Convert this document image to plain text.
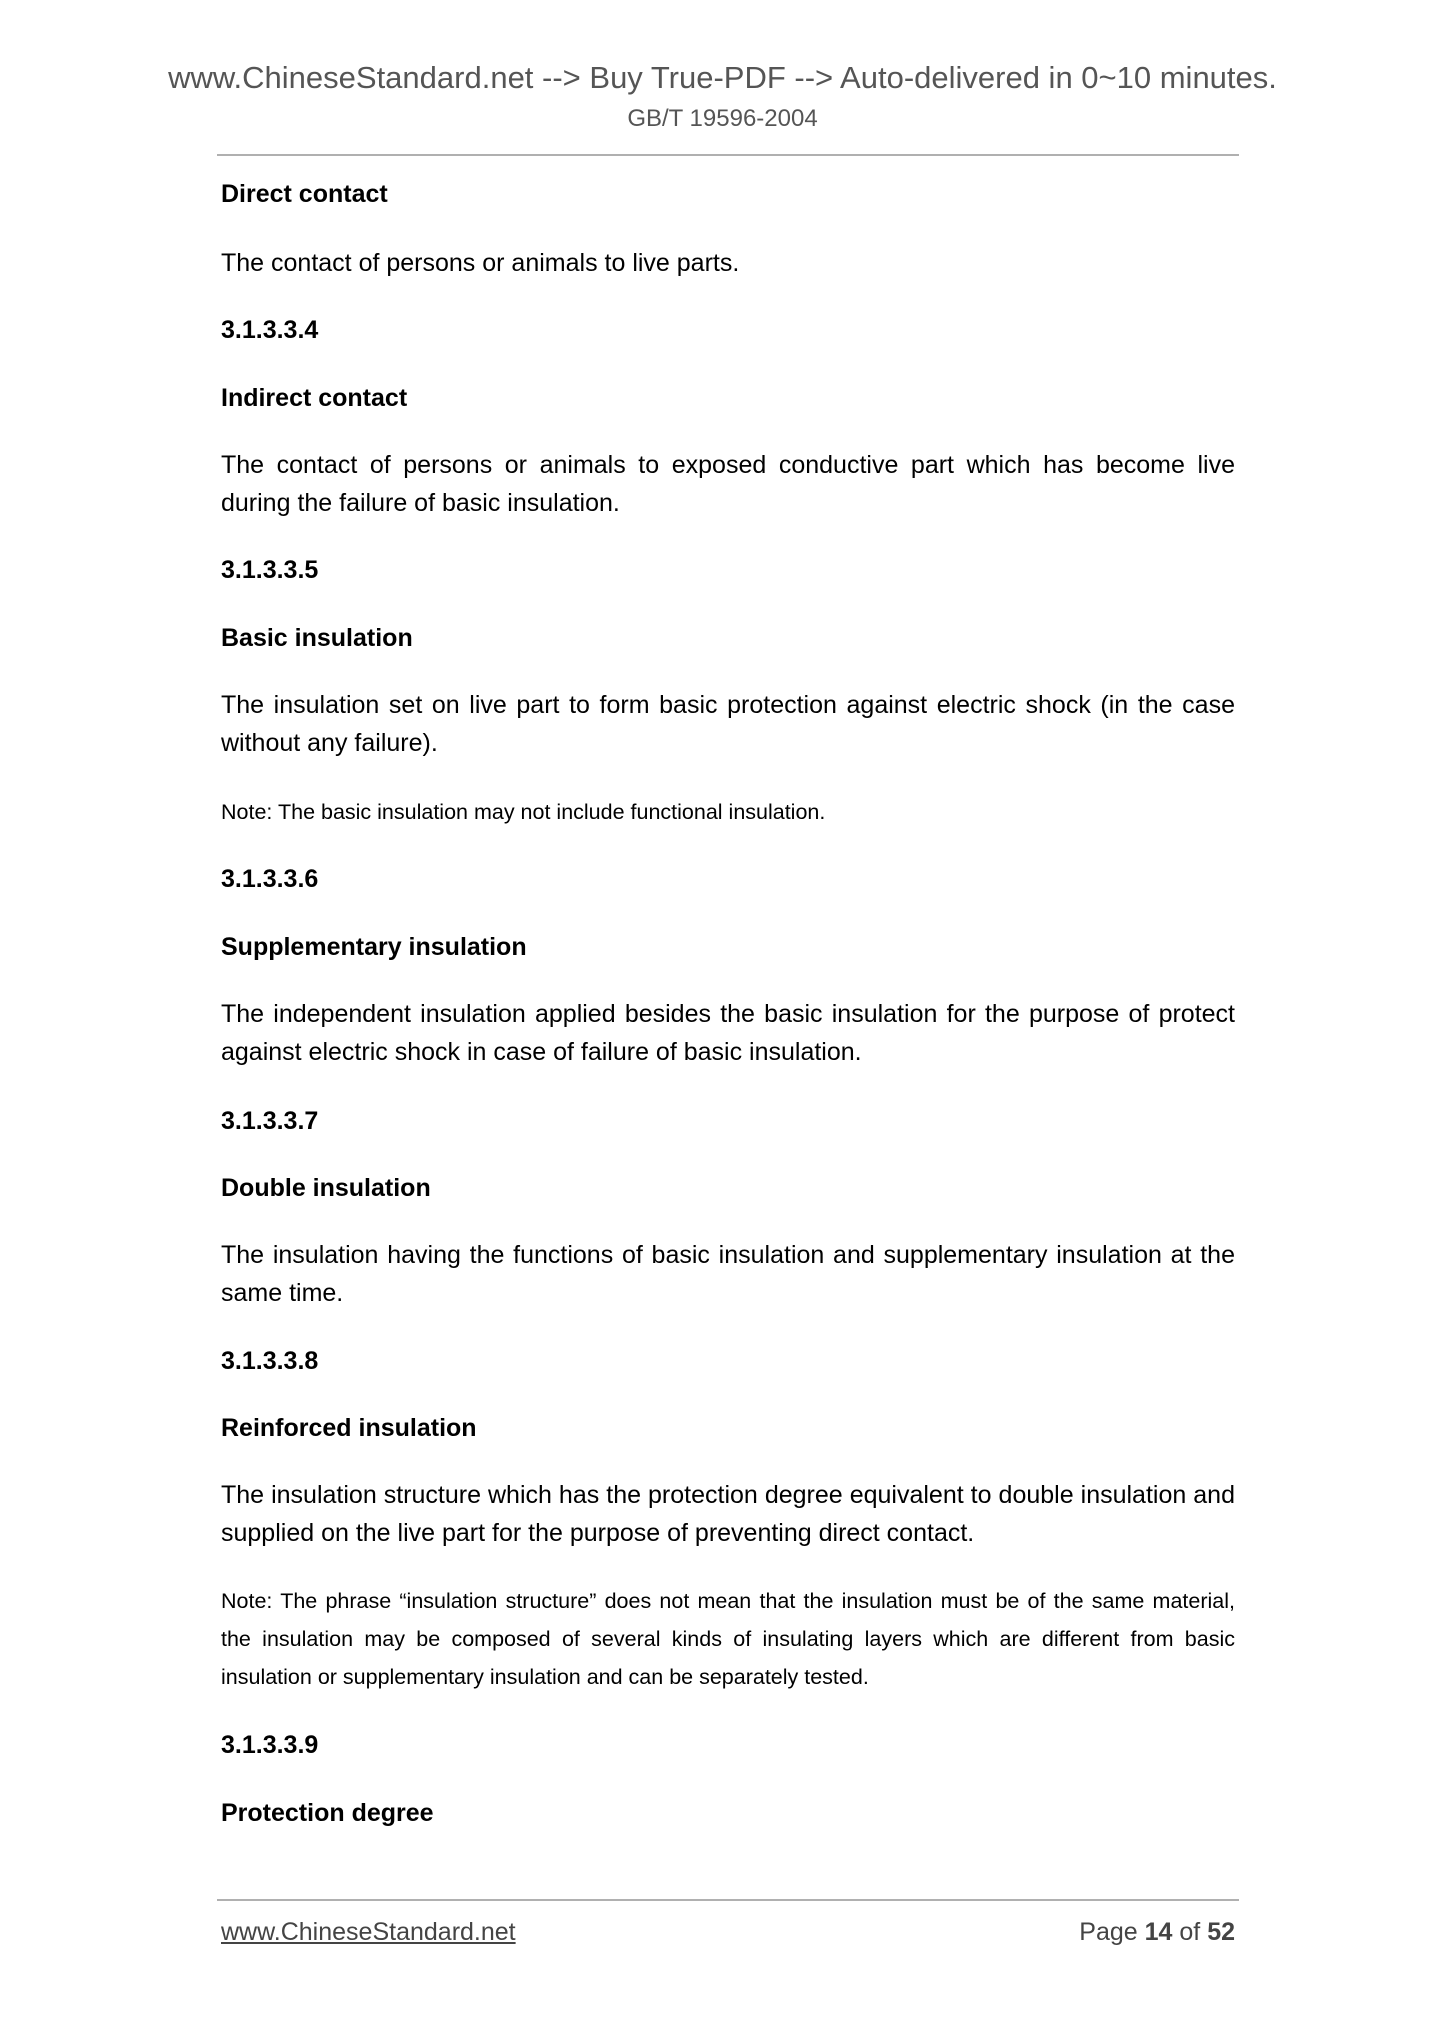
www.ChineseStandard.net --> Buy True-PDF --> Auto-delivered in 0~10 minutes.
GB/T 19596-2004
Direct contact
The contact of persons or animals to live parts.
3.1.3.3.4
Indirect contact
The contact of persons or animals to exposed conductive part which has become live during the failure of basic insulation.
3.1.3.3.5
Basic insulation
The insulation set on live part to form basic protection against electric shock (in the case without any failure).
Note: The basic insulation may not include functional insulation.
3.1.3.3.6
Supplementary insulation
The independent insulation applied besides the basic insulation for the purpose of protect against electric shock in case of failure of basic insulation.
3.1.3.3.7
Double insulation
The insulation having the functions of basic insulation and supplementary insulation at the same time.
3.1.3.3.8
Reinforced insulation
The insulation structure which has the protection degree equivalent to double insulation and supplied on the live part for the purpose of preventing direct contact.
Note: The phrase “insulation structure” does not mean that the insulation must be of the same material, the insulation may be composed of several kinds of insulating layers which are different from basic insulation or supplementary insulation and can be separately tested.
3.1.3.3.9
Protection degree
www.ChineseStandard.net	Page 14 of 52
